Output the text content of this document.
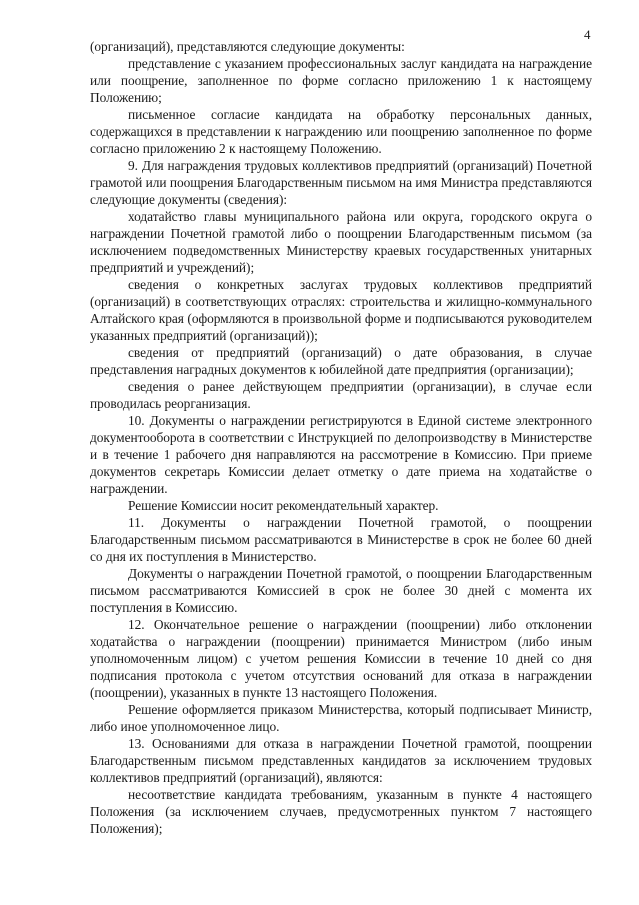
4

(организаций), представляются следующие документы:

представление с указанием профессиональных заслуг кандидата на награждение или поощрение, заполненное по форме согласно приложению 1 к настоящему Положению;

письменное согласие кандидата на обработку персональных данных, содержащихся в представлении к награждению или поощрению заполненное по форме согласно приложению 2 к настоящему Положению.

9. Для награждения трудовых коллективов предприятий (организаций) Почетной грамотой или поощрения Благодарственным письмом на имя Министра представляются следующие документы (сведения):

ходатайство главы муниципального района или округа, городского округа о награждении Почетной грамотой либо о поощрении Благодарственным письмом (за исключением подведомственных Министерству краевых государственных унитарных предприятий и учреждений);

сведения о конкретных заслугах трудовых коллективов предприятий (организаций) в соответствующих отраслях: строительства и жилищно-коммунального Алтайского края (оформляются в произвольной форме и подписываются руководителем указанных предприятий (организаций));

сведения от предприятий (организаций) о дате образования, в случае представления наградных документов к юбилейной дате предприятия (организации);

сведения о ранее действующем предприятии (организации), в случае если проводилась реорганизация.

10. Документы о награждении регистрируются в Единой системе электронного документооборота в соответствии с Инструкцией по делопроизводству в Министерстве и в течение 1 рабочего дня направляются на рассмотрение в Комиссию. При приеме документов секретарь Комиссии делает отметку о дате приема на ходатайстве о награждении.

Решение Комиссии носит рекомендательный характер.

11. Документы о награждении Почетной грамотой, о поощрении Благодарственным письмом рассматриваются в Министерстве в срок не более 60 дней со дня их поступления в Министерство.

Документы о награждении Почетной грамотой, о поощрении Благодарственным письмом рассматриваются Комиссией в срок не более 30 дней с момента их поступления в Комиссию.

12. Окончательное решение о награждении (поощрении) либо отклонении ходатайства о награждении (поощрении) принимается Министром (либо иным уполномоченным лицом) с учетом решения Комиссии в течение 10 дней со дня подписания протокола с учетом отсутствия оснований для отказа в награждении (поощрении), указанных в пункте 13 настоящего Положения.

Решение оформляется приказом Министерства, который подписывает Министр, либо иное уполномоченное лицо.

13. Основаниями для отказа в награждении Почетной грамотой, поощрении Благодарственным письмом представленных кандидатов за исключением трудовых коллективов предприятий (организаций), являются:

несоответствие кандидата требованиям, указанным в пункте 4 настоящего Положения (за исключением случаев, предусмотренных пунктом 7 настоящего Положения);
